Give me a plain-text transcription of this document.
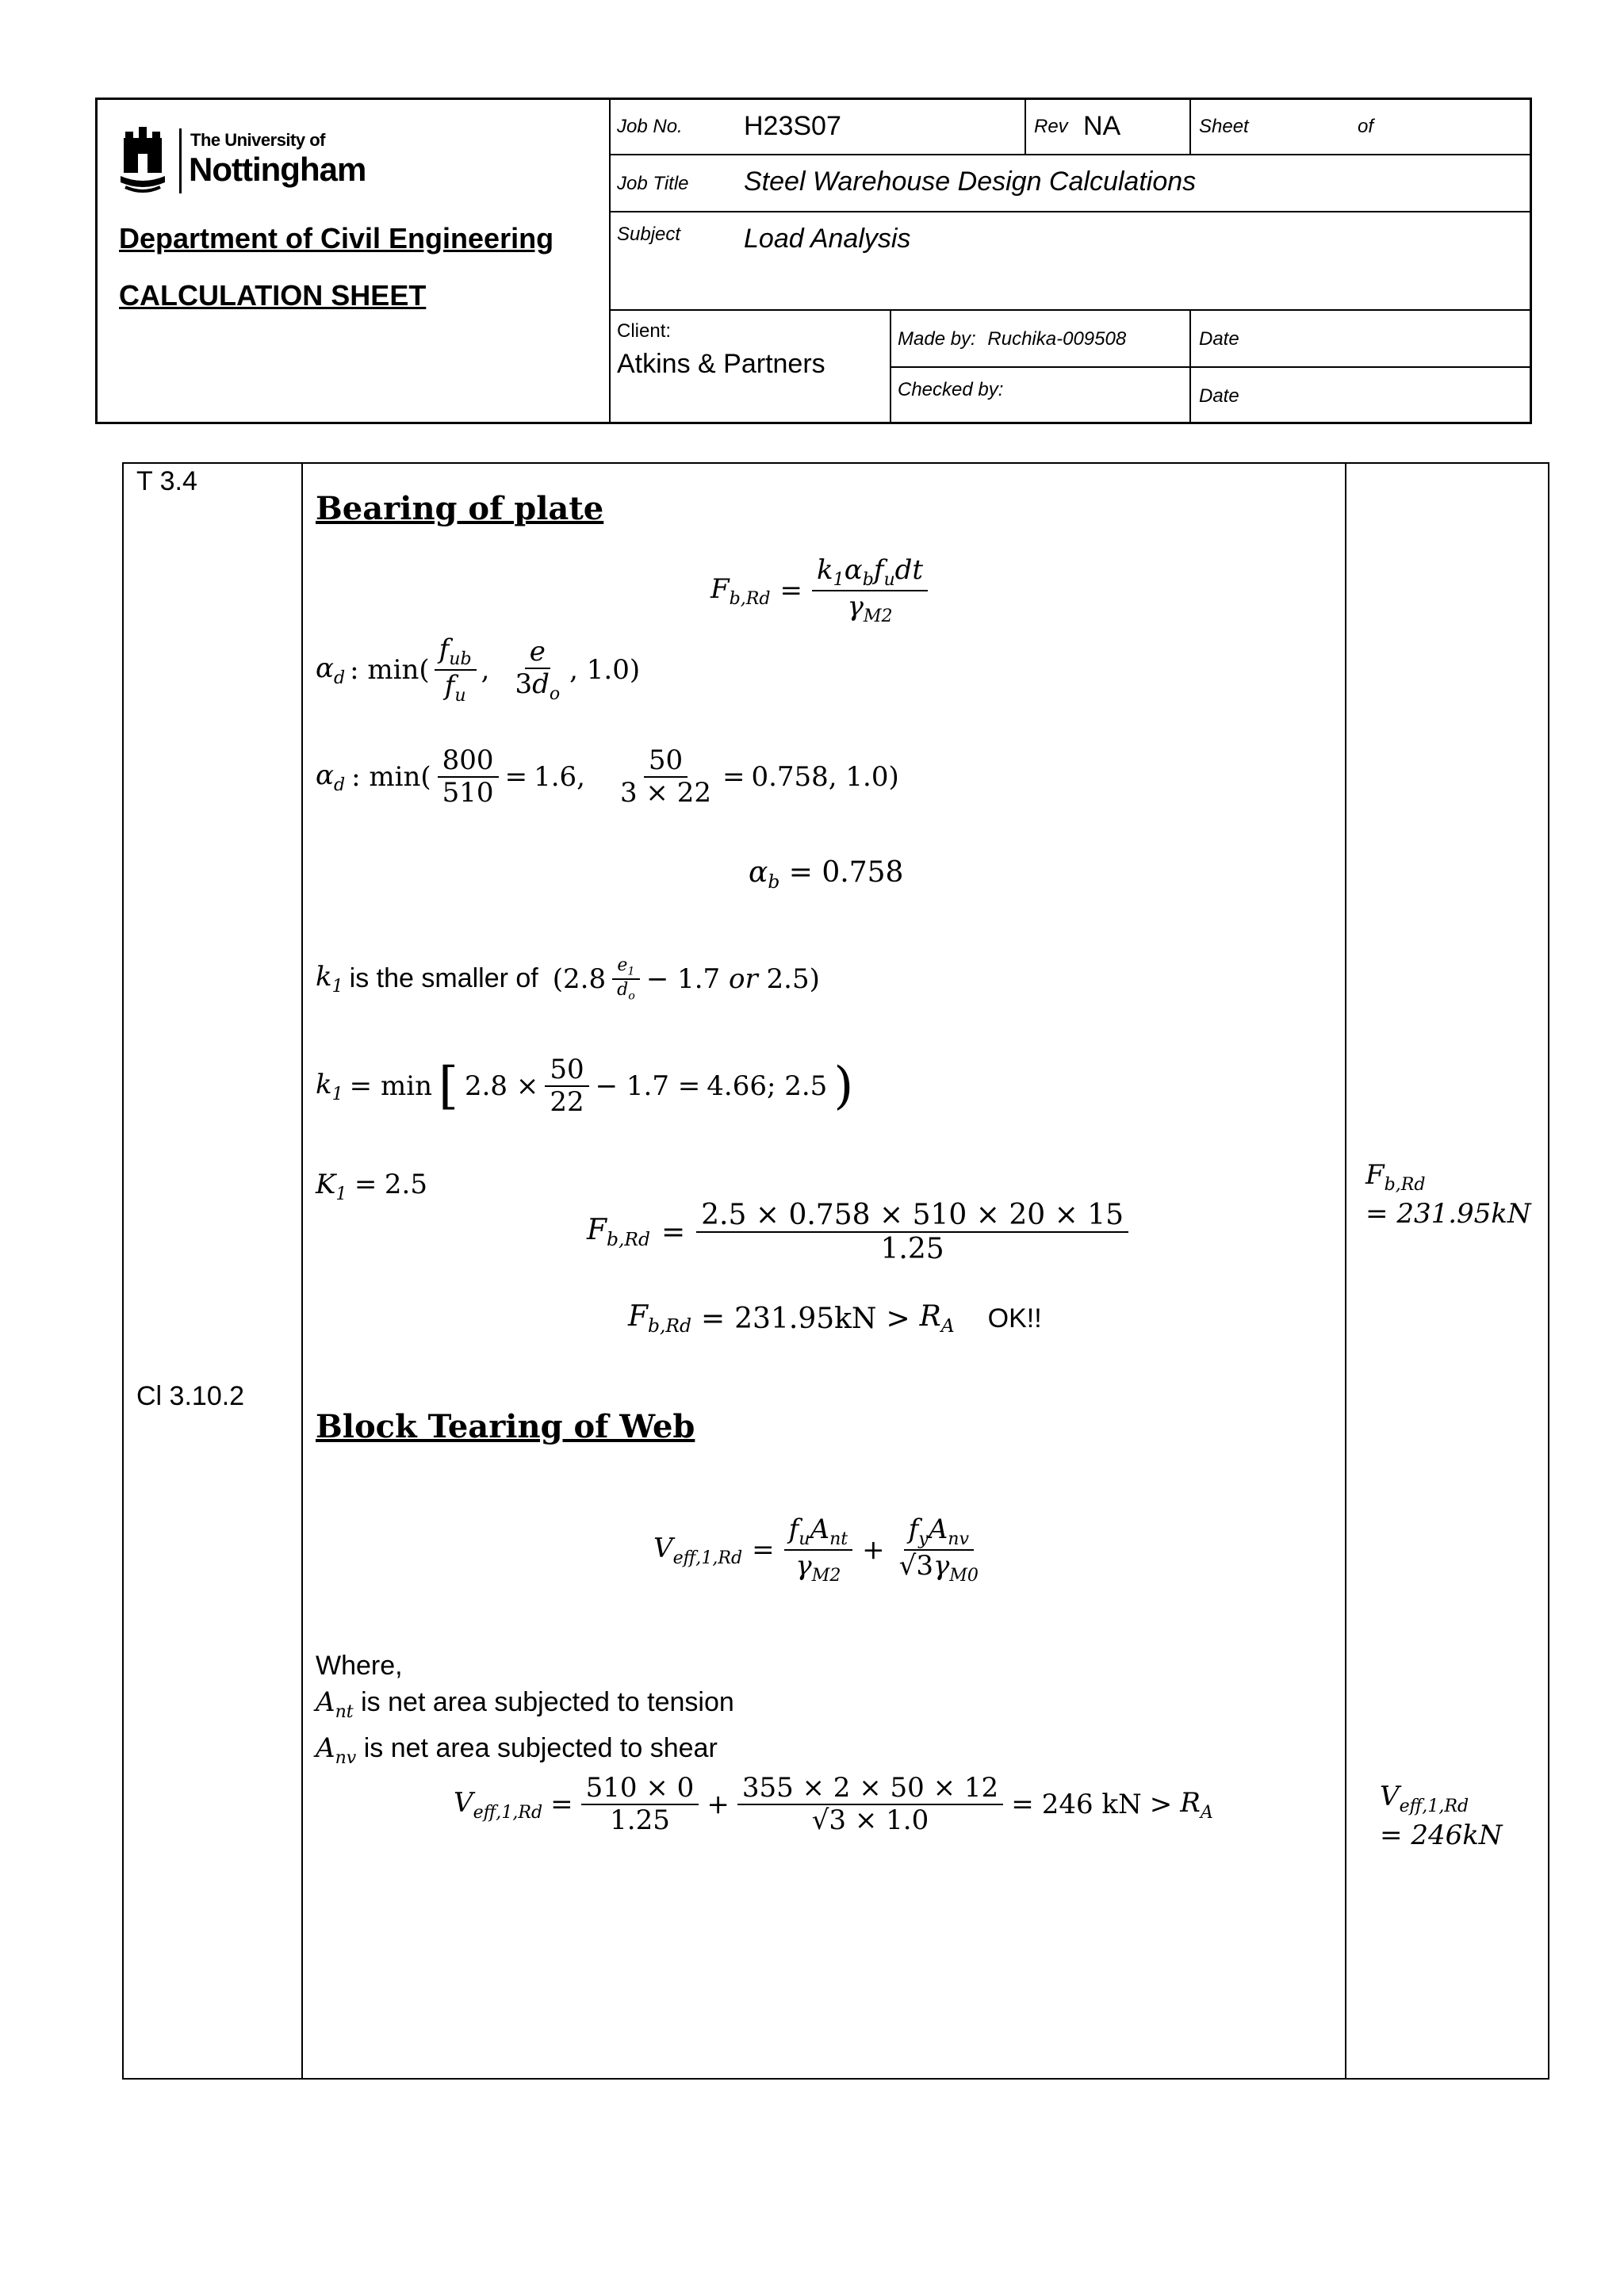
The University of
Nottingham
Department of Civil Engineering
CALCULATION SHEET
Job No. H23S07	Rev NA	Sheet	of
Job Title Steel Warehouse Design Calculations
Subject Load Analysis
Client:
Atkins & Partners
Made by: Ruchika-009508
Checked by:
Date
Date
T 3.4
Cl 3.10.2
Bearing of plate
$F_{b,Rd} = \frac{k_1\alpha_bf_udt}{\gamma_{M2}}$
$\alpha_d$ : $\min( \frac{f_{ub}}{f_u}$ , $\frac{e}{3d_o}$ , 1.0)
$\alpha_d$ : $\min( \frac{800}{510} = 1.6$, $\frac{50}{3 \times 22} = 0.758$, 1.0)
$\alpha_b = 0.758$
$k_1$ is the smaller of ($2.8 \frac{e_1}{d_o} - 1.7$ or 2.5)
$k_1 = \min$ [ $2.8 \times \frac{50}{22} - 1.7 = 4.66$; 2.5 )
$K_1 = 2.5$
$F_{b,Rd} = \frac{2.5 \times 0.758 \times 510 \times 20 \times 15}{1.25}$
$F_{b,Rd} = 231.95kN > R_A$ OK!!
$F_{b,Rd}$
= 231.95kN
Block Tearing of Web
$V_{eff,1,Rd} = \frac{f_uA_{nt}}{\gamma_{M2}} + \frac{f_yA_{nv}}{√3\gamma_{M0}}$
Where,
$A_{nt}$ is net area subjected to tension
$A_{nv}$ is net area subjected to shear
$V_{eff,1,Rd} = \frac{510 \times 0}{1.25} + \frac{355 \times 2 \times 50 \times 12}{√3 \times 1.0} = 246$ kN > $R_A$	$V_{eff,1,Rd}$
= 246kN
